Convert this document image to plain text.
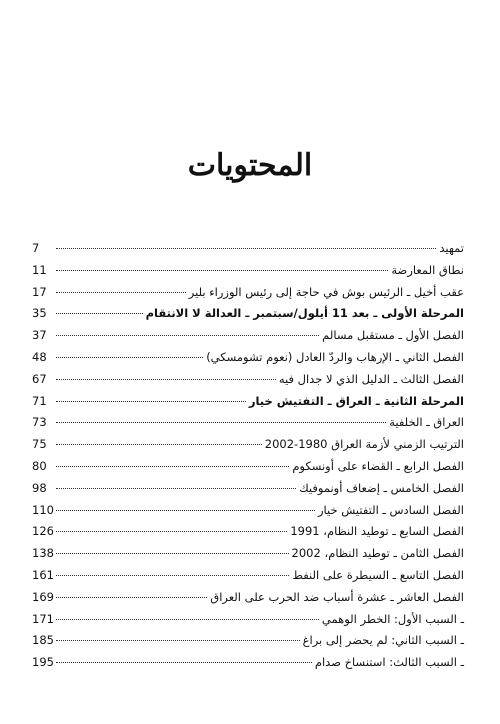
المحتويات
7	تمهيد
11	نطاق المعارضة
17	عقب أخيل ـ الرئيس بوش في حاجة إلى رئيس الوزراء بلير
35	المرحلة الأولى ـ بعد 11 أيلول/سبتمبر ـ العدالة لا الانتقام
37	الفصل الأول ـ مستقبل مسالم
48	الفصل الثاني ـ الإرهاب والردّ العادل (نعوم تشومسكي)
67	الفصل الثالث ـ الدليل الذي لا جدال فيه
71	المرحلة الثانية ـ العراق ـ التفتيش خيار
73	العراق ـ الخلفية
75	الترتيب الزمني لأزمة العراق 1980-2002
80	الفصل الرابع ـ القضاء على أونسكوم
98	الفصل الخامس ـ إضعاف أونموفيك
110	الفصل السادس ـ التفتيش خيار
126	الفصل السابع ـ توطيد النظام، 1991
138	الفصل الثامن ـ توطيد النظام، 2002
161	الفصل التاسع ـ السيطرة على النفط
169	الفصل العاشر ـ عشرة أسباب ضد الحرب على العراق
171	ـ السبب الأول: الخطر الوهمي
185	ـ السبب الثاني: لم يحضر إلى براغ
195	ـ السبب الثالث: استنساخ صدام
